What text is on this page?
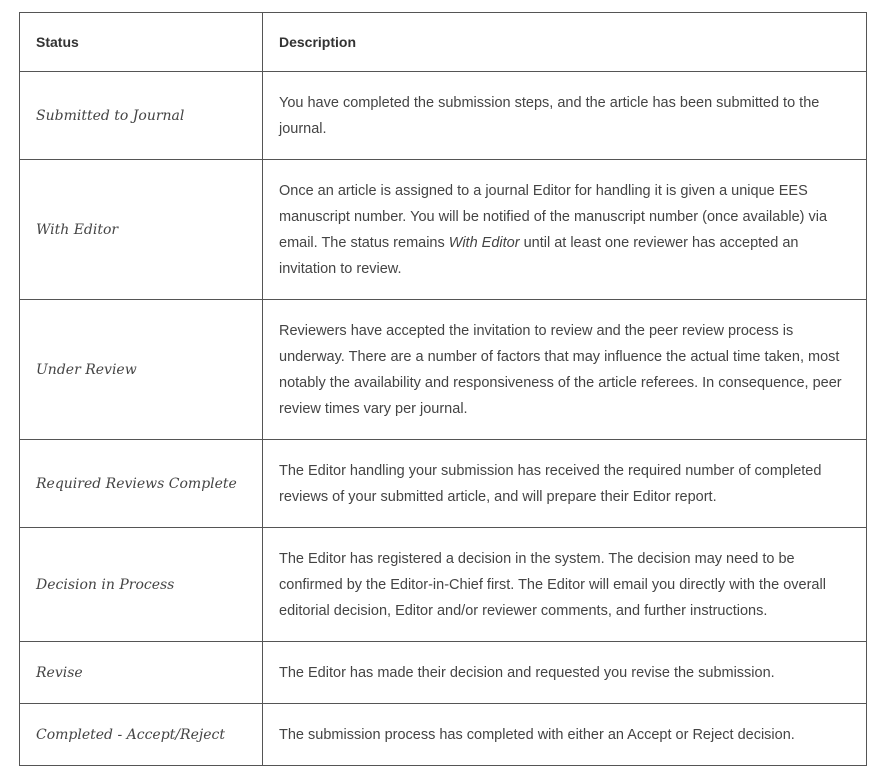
Status	Description
Submitted to Journal	You have completed the submission steps, and the article has been submitted to the journal.
With Editor	Once an article is assigned to a journal Editor for handling it is given a unique EES manuscript number. You will be notified of the manuscript number (once available) via email. The status remains With Editor until at least one reviewer has accepted an invitation to review.
Under Review	Reviewers have accepted the invitation to review and the peer review process is underway. There are a number of factors that may influence the actual time taken, most notably the availability and responsiveness of the article referees. In consequence, peer review times vary per journal.
Required Reviews Complete	The Editor handling your submission has received the required number of completed reviews of your submitted article, and will prepare their Editor report.
Decision in Process	The Editor has registered a decision in the system. The decision may need to be confirmed by the Editor-in-Chief first. The Editor will email you directly with the overall editorial decision, Editor and/or reviewer comments, and further instructions.
Revise	The Editor has made their decision and requested you revise the submission.
Completed - Accept/Reject	The submission process has completed with either an Accept or Reject decision.
